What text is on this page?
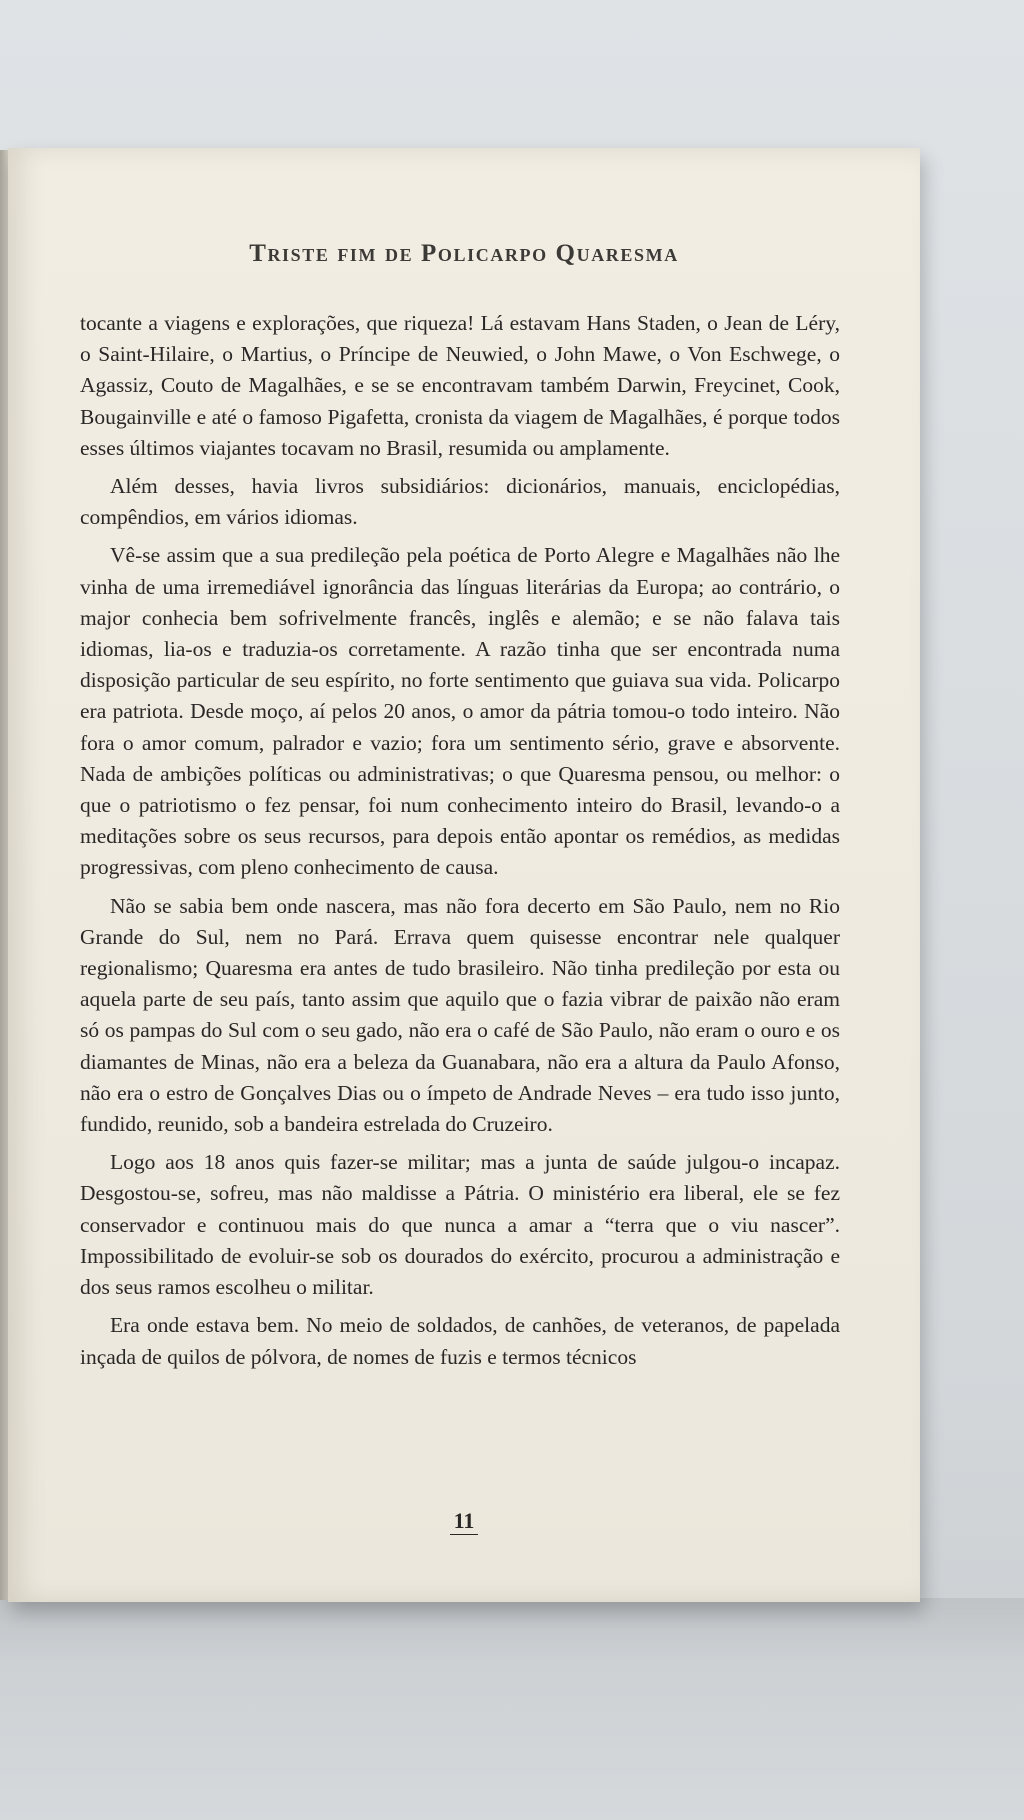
Triste fim de Policarpo Quaresma

tocante a viagens e explorações, que riqueza! Lá estavam Hans Staden, o Jean de Léry, o Saint-Hilaire, o Martius, o Príncipe de Neuwied, o John Mawe, o Von Eschwege, o Agassiz, Couto de Magalhães, e se se encontravam também Darwin, Freycinet, Cook, Bougainville e até o famoso Pigafetta, cronista da viagem de Magalhães, é porque todos esses últimos viajantes tocavam no Brasil, resumida ou amplamente.

Além desses, havia livros subsidiários: dicionários, manuais, enciclopédias, compêndios, em vários idiomas.

Vê-se assim que a sua predileção pela poética de Porto Alegre e Magalhães não lhe vinha de uma irremediável ignorância das línguas literárias da Europa; ao contrário, o major conhecia bem sofrivelmente francês, inglês e alemão; e se não falava tais idiomas, lia-os e traduzia-os corretamente. A razão tinha que ser encontrada numa disposição particular de seu espírito, no forte sentimento que guiava sua vida. Policarpo era patriota. Desde moço, aí pelos 20 anos, o amor da pátria tomou-o todo inteiro. Não fora o amor comum, palrador e vazio; fora um sentimento sério, grave e absorvente. Nada de ambições políticas ou administrativas; o que Quaresma pensou, ou melhor: o que o patriotismo o fez pensar, foi num conhecimento inteiro do Brasil, levando-o a meditações sobre os seus recursos, para depois então apontar os remédios, as medidas progressivas, com pleno conhecimento de causa.

Não se sabia bem onde nascera, mas não fora decerto em São Paulo, nem no Rio Grande do Sul, nem no Pará. Errava quem quisesse encontrar nele qualquer regionalismo; Quaresma era antes de tudo brasileiro. Não tinha predileção por esta ou aquela parte de seu país, tanto assim que aquilo que o fazia vibrar de paixão não eram só os pampas do Sul com o seu gado, não era o café de São Paulo, não eram o ouro e os diamantes de Minas, não era a beleza da Guanabara, não era a altura da Paulo Afonso, não era o estro de Gonçalves Dias ou o ímpeto de Andrade Neves – era tudo isso junto, fundido, reunido, sob a bandeira estrelada do Cruzeiro.

Logo aos 18 anos quis fazer-se militar; mas a junta de saúde julgou-o incapaz. Desgostou-se, sofreu, mas não maldisse a Pátria. O ministério era liberal, ele se fez conservador e continuou mais do que nunca a amar a “terra que o viu nascer”. Impossibilitado de evoluir-se sob os dourados do exército, procurou a administração e dos seus ramos escolheu o militar.

Era onde estava bem. No meio de soldados, de canhões, de veteranos, de papelada inçada de quilos de pólvora, de nomes de fuzis e termos técnicos

11
